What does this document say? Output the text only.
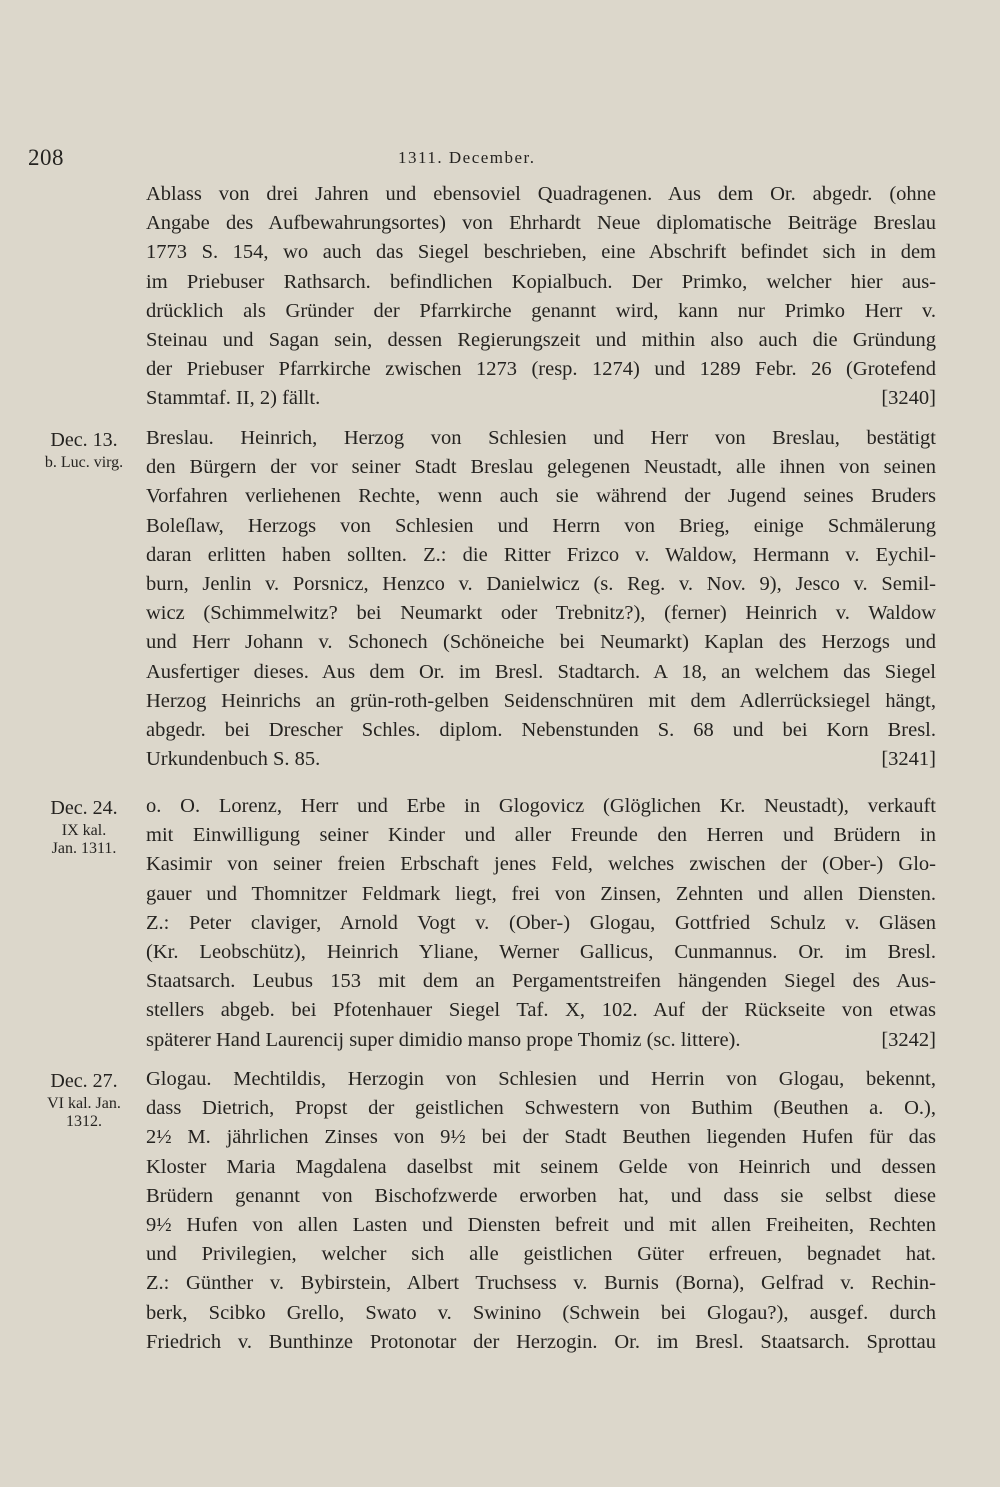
208	1311. December.
Ablass von drei Jahren und ebensoviel Quadragenen. Aus dem Or. abgedr. (ohne
Angabe des Aufbewahrungsortes) von Ehrhardt Neue diplomatische Beiträge Breslau
1773 S. 154, wo auch das Siegel beschrieben, eine Abschrift befindet sich in dem
im Priebuser Rathsarch. befindlichen Kopialbuch. Der Primko, welcher hier aus-
drücklich als Gründer der Pfarrkirche genannt wird, kann nur Primko Herr v.
Steinau und Sagan sein, dessen Regierungszeit und mithin also auch die Gründung
der Priebuser Pfarrkirche zwischen 1273 (resp. 1274) und 1289 Febr. 26 (Grotefend
Stammtaf. II, 2) fällt.	[3240]
Dec. 13.
b. Luc. virg.
Breslau. Heinrich, Herzog von Schlesien und Herr von Breslau, bestätigt
den Bürgern der vor seiner Stadt Breslau gelegenen Neustadt, alle ihnen von seinen
Vorfahren verliehenen Rechte, wenn auch sie während der Jugend seines Bruders
Boleſlaw, Herzogs von Schlesien und Herrn von Brieg, einige Schmälerung
daran erlitten haben sollten. Z.: die Ritter Frizco v. Waldow, Hermann v. Eychil-
burn, Jenlin v. Porsnicz, Henzco v. Danielwicz (s. Reg. v. Nov. 9), Jesco v. Semil-
wicz (Schimmelwitz? bei Neumarkt oder Trebnitz?), (ferner) Heinrich v. Waldow
und Herr Johann v. Schonech (Schöneiche bei Neumarkt) Kaplan des Herzogs und
Ausfertiger dieses. Aus dem Or. im Bresl. Stadtarch. A 18, an welchem das Siegel
Herzog Heinrichs an grün-roth-gelben Seidenschnüren mit dem Adlerrücksiegel hängt,
abgedr. bei Drescher Schles. diplom. Nebenstunden S. 68 und bei Korn Bresl.
Urkundenbuch S. 85.	[3241]
Dec. 24.
IX kal.
Jan. 1311.
o. O. Lorenz, Herr und Erbe in Glogovicz (Glöglichen Kr. Neustadt), verkauft
mit Einwilligung seiner Kinder und aller Freunde den Herren und Brüdern in
Kasimir von seiner freien Erbschaft jenes Feld, welches zwischen der (Ober-) Glo-
gauer und Thomnitzer Feldmark liegt, frei von Zinsen, Zehnten und allen Diensten.
Z.: Peter claviger, Arnold Vogt v. (Ober-) Glogau, Gottfried Schulz v. Gläsen
(Kr. Leobschütz), Heinrich Yliane, Werner Gallicus, Cunmannus. Or. im Bresl.
Staatsarch. Leubus 153 mit dem an Pergamentstreifen hängenden Siegel des Aus-
stellers abgeb. bei Pfotenhauer Siegel Taf. X, 102. Auf der Rückseite von etwas
späterer Hand Laurencij super dimidio manso prope Thomiz (sc. littere).	[3242]
Dec. 27.
VI kal. Jan.
1312.
Glogau. Mechtildis, Herzogin von Schlesien und Herrin von Glogau, bekennt,
dass Dietrich, Propst der geistlichen Schwestern von Buthim (Beuthen a. O.),
2½ M. jährlichen Zinses von 9½ bei der Stadt Beuthen liegenden Hufen für das
Kloster Maria Magdalena daselbst mit seinem Gelde von Heinrich und dessen
Brüdern genannt von Bischofzwerde erworben hat, und dass sie selbst diese
9½ Hufen von allen Lasten und Diensten befreit und mit allen Freiheiten, Rechten
und Privilegien, welcher sich alle geistlichen Güter erfreuen, begnadet hat.
Z.: Günther v. Bybirstein, Albert Truchsess v. Burnis (Borna), Gelfrad v. Rechin-
berk, Scibko Grello, Swato v. Swinino (Schwein bei Glogau?), ausgef. durch
Friedrich v. Bunthinze Protonotar der Herzogin. Or. im Bresl. Staatsarch. Sprottau
